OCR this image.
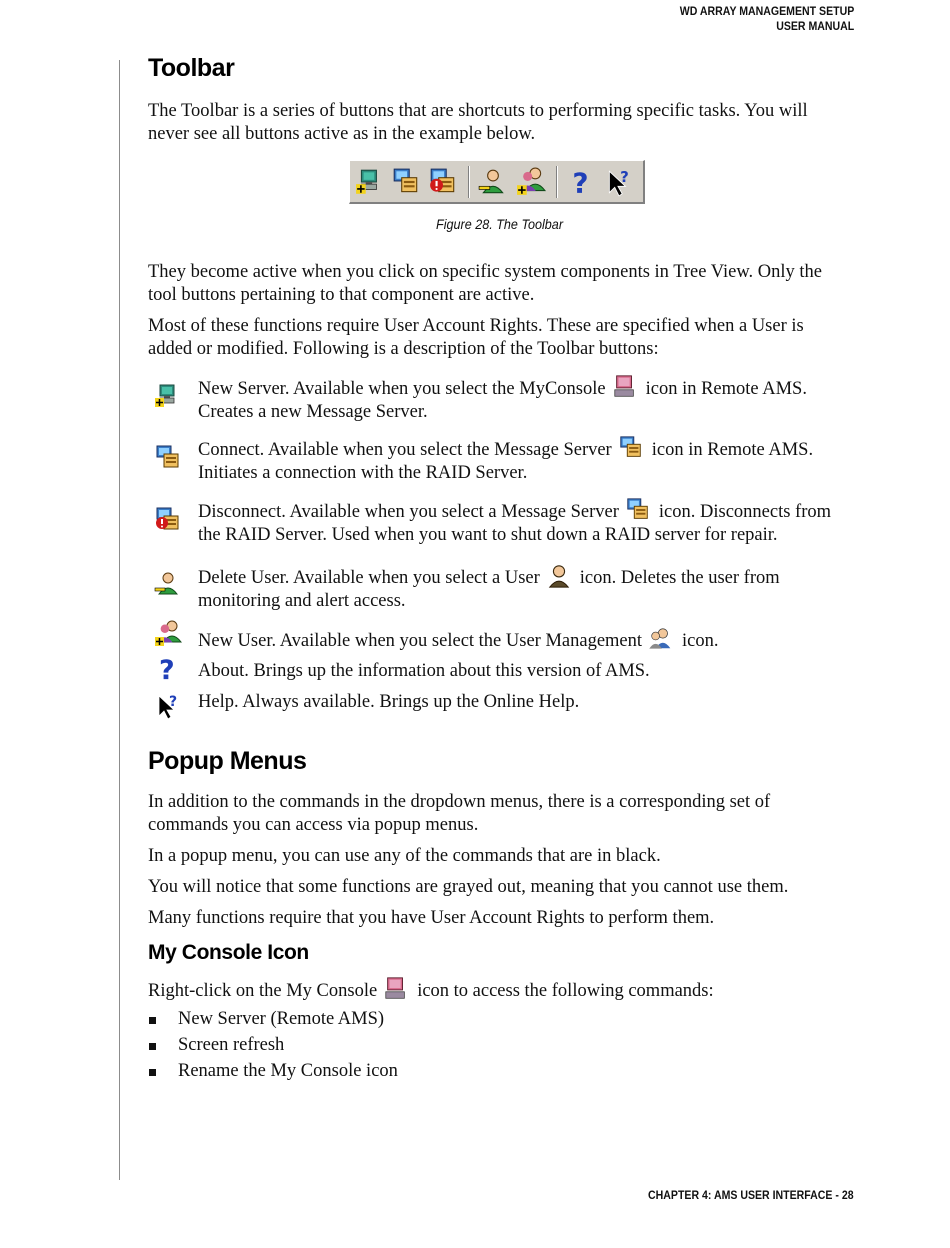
WD ARRAY MANAGEMENT SETUP
USER MANUAL
Toolbar

The Toolbar is a series of buttons that are shortcuts to performing specific tasks. You will never see all buttons active as in the example below.

? ?
Figure 28. The Toolbar

They become active when you click on specific system components in Tree View. Only the tool buttons pertaining to that component are active.

Most of these functions require User Account Rights. These are specified when a User is added or modified. Following is a description of the Toolbar buttons:

New Server. Available when you select the MyConsole icon in Remote AMS.
Creates a new Message Server.
Connect. Available when you select the Message Server icon in Remote AMS.
Initiates a connection with the RAID Server.
Disconnect. Available when you select a Message Server icon. Disconnects from
the RAID Server. Used when you want to shut down a RAID server for repair.
Delete User. Available when you select a User icon. Deletes the user from
monitoring and alert access.
New User. Available when you select the User Management icon.
? About. Brings up the information about this version of AMS.
? Help. Always available. Brings up the Online Help.
Popup Menus

In addition to the commands in the dropdown menus, there is a corresponding set of commands you can access via popup menus.

In a popup menu, you can use any of the commands that are in black.

You will notice that some functions are grayed out, meaning that you cannot use them.

Many functions require that you have User Account Rights to perform them.

My Console Icon
Right-click on the My Console icon to access the following commands:
New Server (Remote AMS)
Screen refresh
Rename the My Console icon
CHAPTER 4: AMS USER INTERFACE - 28
